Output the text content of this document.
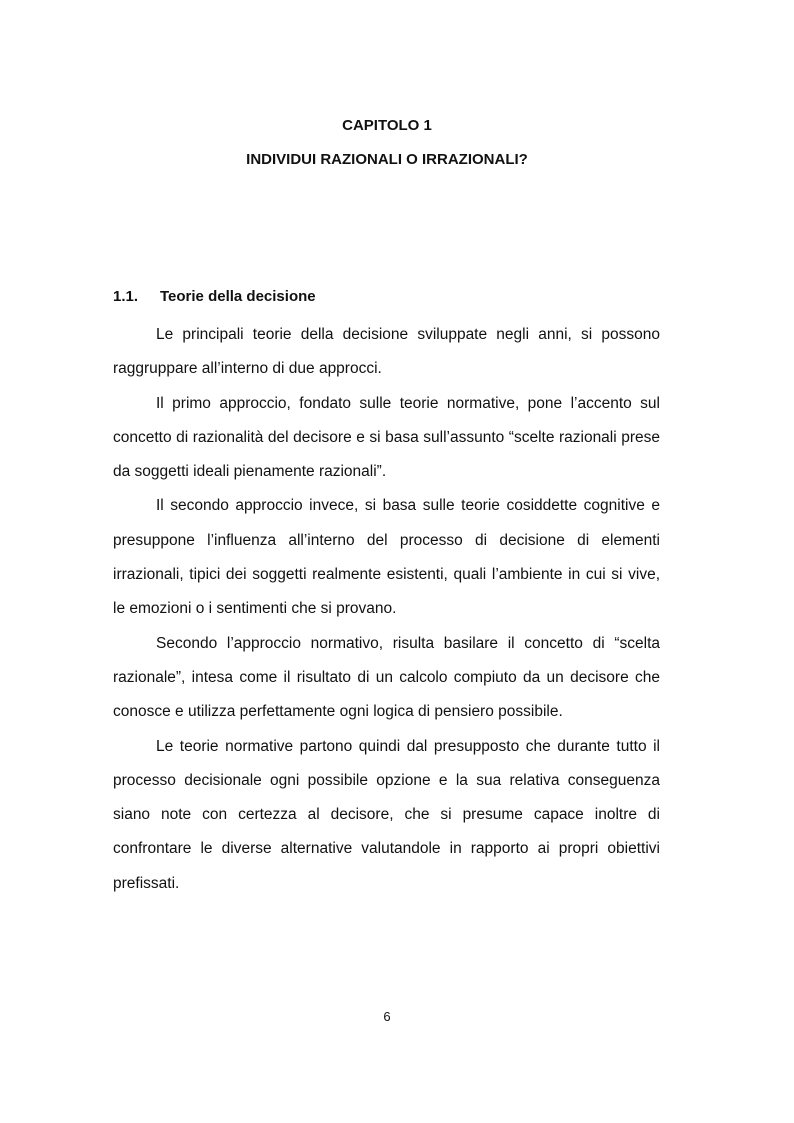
CAPITOLO 1
INDIVIDUI RAZIONALI O IRRAZIONALI?
1.1. Teorie della decisione

Le principali teorie della decisione sviluppate negli anni, si possono raggruppare all’interno di due approcci.

Il primo approccio, fondato sulle teorie normative, pone l’accento sul concetto di razionalità del decisore e si basa sull’assunto “scelte razionali prese da soggetti ideali pienamente razionali”.

Il secondo approccio invece, si basa sulle teorie cosiddette cognitive e presuppone l’influenza all’interno del processo di decisione di elementi irrazionali, tipici dei soggetti realmente esistenti, quali l’ambiente in cui si vive, le emozioni o i sentimenti che si provano.

Secondo l’approccio normativo, risulta basilare il concetto di “scelta razionale”, intesa come il risultato di un calcolo compiuto da un decisore che conosce e utilizza perfettamente ogni logica di pensiero possibile.

Le teorie normative partono quindi dal presupposto che durante tutto il processo decisionale ogni possibile opzione e la sua relativa conseguenza siano note con certezza al decisore, che si presume capace inoltre di confrontare le diverse alternative valutandole in rapporto ai propri obiettivi prefissati.

6
